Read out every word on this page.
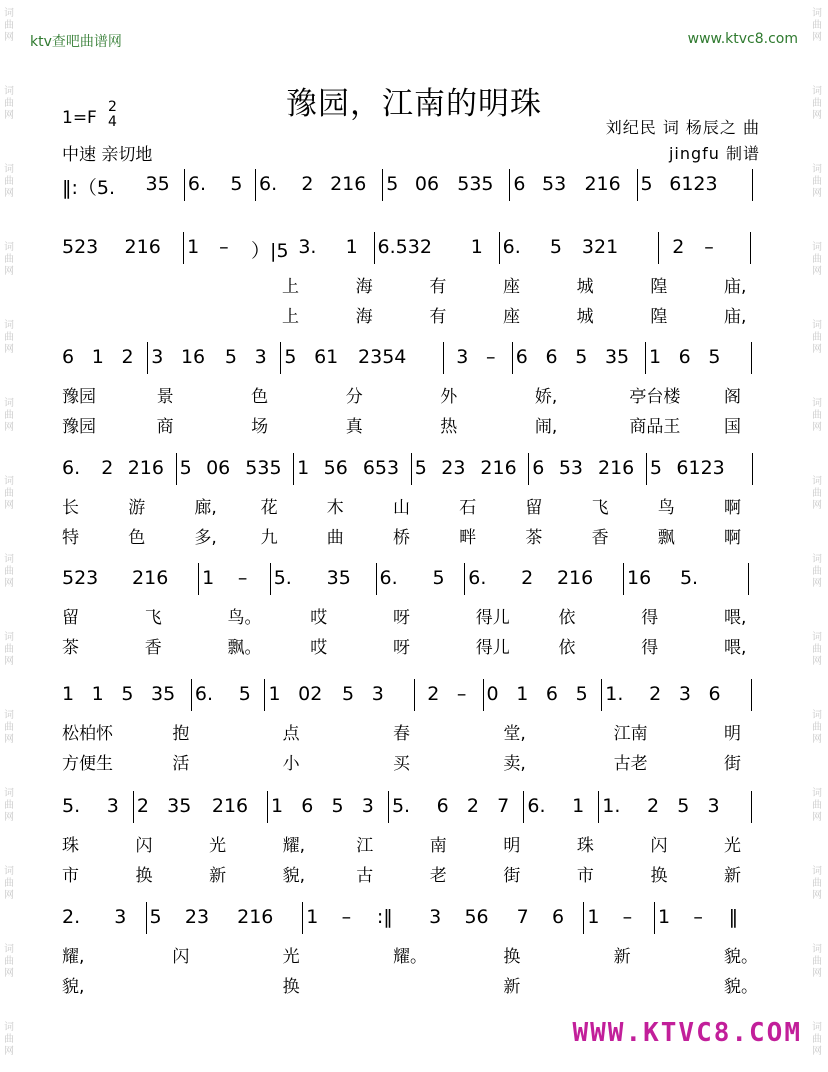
ktv查吧曲谱网	www.ktvc8.com
豫园，江南的明珠
1=F
2
4
中速 亲切地
刘纪民 词 杨辰之 曲
jingfu 制谱
词
曲
网
词
曲
网
词
曲
网
词
曲
网
词
曲
网
词
曲
网
词
曲
网
词
曲
网
词
曲
网
词
曲
网
词
曲
网
词
曲
网
词
曲
网
词
曲
网
词
曲
网
词
曲
网
词
曲
网
词
曲
网
词
曲
网
词
曲
网
词
曲
网
词
曲
网
词
曲
网
词
曲
网
词
曲
网
词
曲
网
词
曲
网
词
曲
网
‖:（5. 35 6. 5 6. 2 216 5 06 535 6 53 216 5 6123
523 216 1 – ）|5 3. 1 6.532 1 6. 5 321	2 –
上	海	有	座	城	隍	庙,
上	海	有	座	城	隍	庙,
6 1 2 3 16 5 3 5 61 2354	3 – 6 6 5 35 1 6 5
豫园	景	色	分	外	娇,	亭台楼	阁
豫园	商	场	真	热	闹,	商品王	国
6. 2 216 5 06 535 1 56 653 5 23 216 6 53 216 5 6123
长	游	廊,	花	木	山	石	留	飞	鸟	啊
特	色	多,	九	曲	桥	畔	茶	香	飘	啊
523 216 1 – 5. 35 6. 5 6. 2 216 16 5.
留	飞	鸟。	哎	呀	得儿	依	得	喂,
茶	香	飘。	哎	呀	得儿	依	得	喂,
1 1 5 35 6. 5 1 02 5 3 2 – 0 1 6 5 1. 2 3 6
松柏怀	抱	点	春	堂,	江南	明
方便生	活	小	买	卖,	古老	街
5. 3 2 35 216 1 6 5 3 5. 6 2 7 6. 1 1. 2 5 3
珠	闪	光	耀,	江	南	明	珠	闪	光
市	换	新	貌,	古	老	街	市	换	新
2. 3 5 23 216 1 – :‖ 3 56 7 6 1 – 1 – ‖
耀,	闪	光	耀。	换	新	貌。
貌,	换	新	貌。
WWW.KTVC8.COM
